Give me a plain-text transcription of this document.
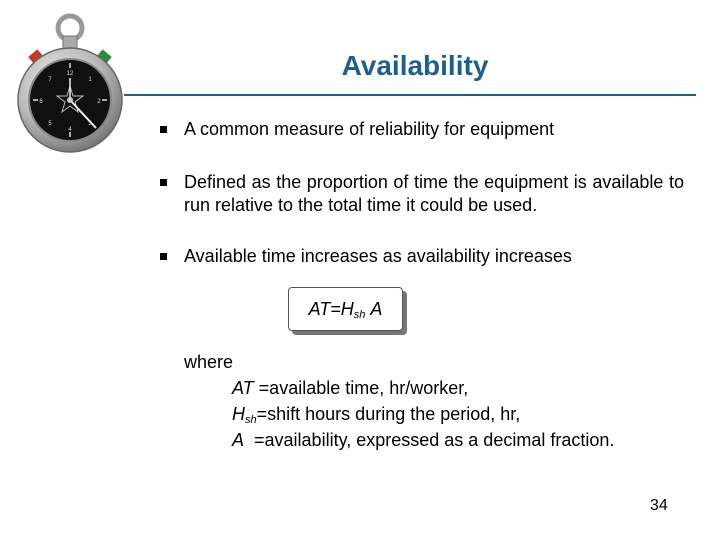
12
1
2
3
4
5
6
7	Availability
A common measure of reliability for equipment
Defined as the proportion of time the equipment is available to run relative to the total time it could be used.
Available time increases as availability increases
$AT=H_{sh}$ A
where
AT =available time, hr/worker,
$H_{sh}=shift$ hours during the period, hr,
A  =availability, expressed as a decimal fraction.
34
